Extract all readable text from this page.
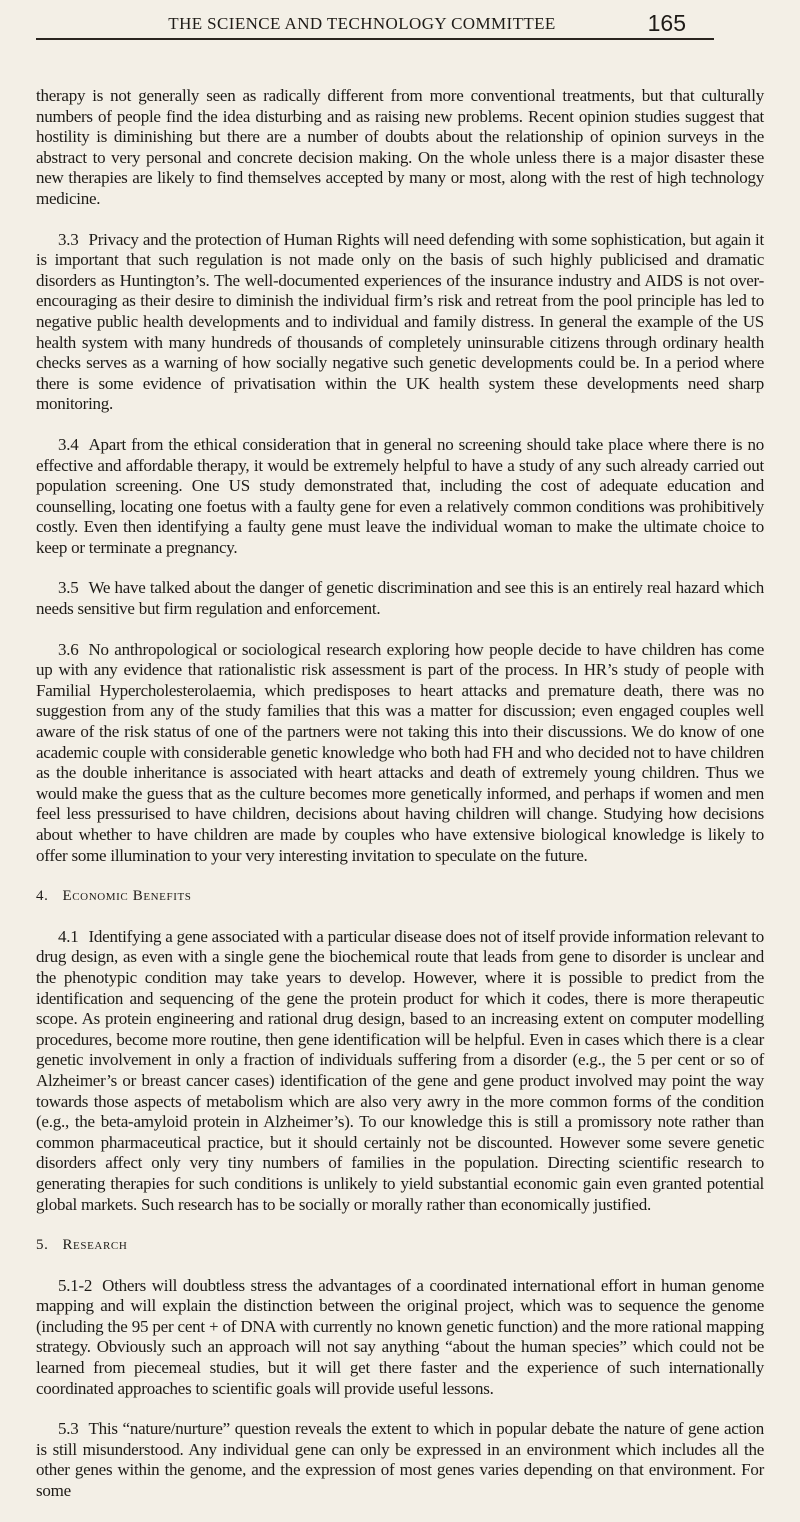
THE SCIENCE AND TECHNOLOGY COMMITTEE	165

therapy is not generally seen as radically different from more conventional treatments, but that culturally numbers of people find the idea disturbing and as raising new problems. Recent opinion studies suggest that hostility is diminishing but there are a number of doubts about the relationship of opinion surveys in the abstract to very personal and concrete decision making. On the whole unless there is a major disaster these new therapies are likely to find themselves accepted by many or most, along with the rest of high technology medicine.

3.3 Privacy and the protection of Human Rights will need defending with some sophistication, but again it is important that such regulation is not made only on the basis of such highly publicised and dramatic disorders as Huntington’s. The well-documented experiences of the insurance industry and AIDS is not over-encouraging as their desire to diminish the individual firm’s risk and retreat from the pool principle has led to negative public health developments and to individual and family distress. In general the example of the US health system with many hundreds of thousands of completely uninsurable citizens through ordinary health checks serves as a warning of how socially negative such genetic developments could be. In a period where there is some evidence of privatisation within the UK health system these developments need sharp monitoring.

3.4 Apart from the ethical consideration that in general no screening should take place where there is no effective and affordable therapy, it would be extremely helpful to have a study of any such already carried out population screening. One US study demonstrated that, including the cost of adequate education and counselling, locating one foetus with a faulty gene for even a relatively common conditions was prohibitively costly. Even then identifying a faulty gene must leave the individual woman to make the ultimate choice to keep or terminate a pregnancy.

3.5 We have talked about the danger of genetic discrimination and see this is an entirely real hazard which needs sensitive but firm regulation and enforcement.

3.6 No anthropological or sociological research exploring how people decide to have children has come up with any evidence that rationalistic risk assessment is part of the process. In HR’s study of people with Familial Hypercholesterolaemia, which predisposes to heart attacks and premature death, there was no suggestion from any of the study families that this was a matter for discussion; even engaged couples well aware of the risk status of one of the partners were not taking this into their discussions. We do know of one academic couple with considerable genetic knowledge who both had FH and who decided not to have children as the double inheritance is associated with heart attacks and death of extremely young children. Thus we would make the guess that as the culture becomes more genetically informed, and perhaps if women and men feel less pressurised to have children, decisions about having children will change. Studying how decisions about whether to have children are made by couples who have extensive biological knowledge is likely to offer some illumination to your very interesting invitation to speculate on the future.

4. Economic Benefits

4.1 Identifying a gene associated with a particular disease does not of itself provide information relevant to drug design, as even with a single gene the biochemical route that leads from gene to disorder is unclear and the phenotypic condition may take years to develop. However, where it is possible to predict from the identification and sequencing of the gene the protein product for which it codes, there is more therapeutic scope. As protein engineering and rational drug design, based to an increasing extent on computer modelling procedures, become more routine, then gene identification will be helpful. Even in cases which there is a clear genetic involvement in only a fraction of individuals suffering from a disorder (e.g., the 5 per cent or so of Alzheimer’s or breast cancer cases) identification of the gene and gene product involved may point the way towards those aspects of metabolism which are also very awry in the more common forms of the condition (e.g., the beta-amyloid protein in Alzheimer’s). To our knowledge this is still a promissory note rather than common pharmaceutical practice, but it should certainly not be discounted. However some severe genetic disorders affect only very tiny numbers of families in the population. Directing scientific research to generating therapies for such conditions is unlikely to yield substantial economic gain even granted potential global markets. Such research has to be socially or morally rather than economically justified.

5. Research

5.1-2 Others will doubtless stress the advantages of a coordinated international effort in human genome mapping and will explain the distinction between the original project, which was to sequence the genome (including the 95 per cent + of DNA with currently no known genetic function) and the more rational mapping strategy. Obviously such an approach will not say anything “about the human species” which could not be learned from piecemeal studies, but it will get there faster and the experience of such internationally coordinated approaches to scientific goals will provide useful lessons.

5.3 This “nature/nurture” question reveals the extent to which in popular debate the nature of gene action is still misunderstood. Any individual gene can only be expressed in an environment which includes all the other genes within the genome, and the expression of most genes varies depending on that environment. For some
